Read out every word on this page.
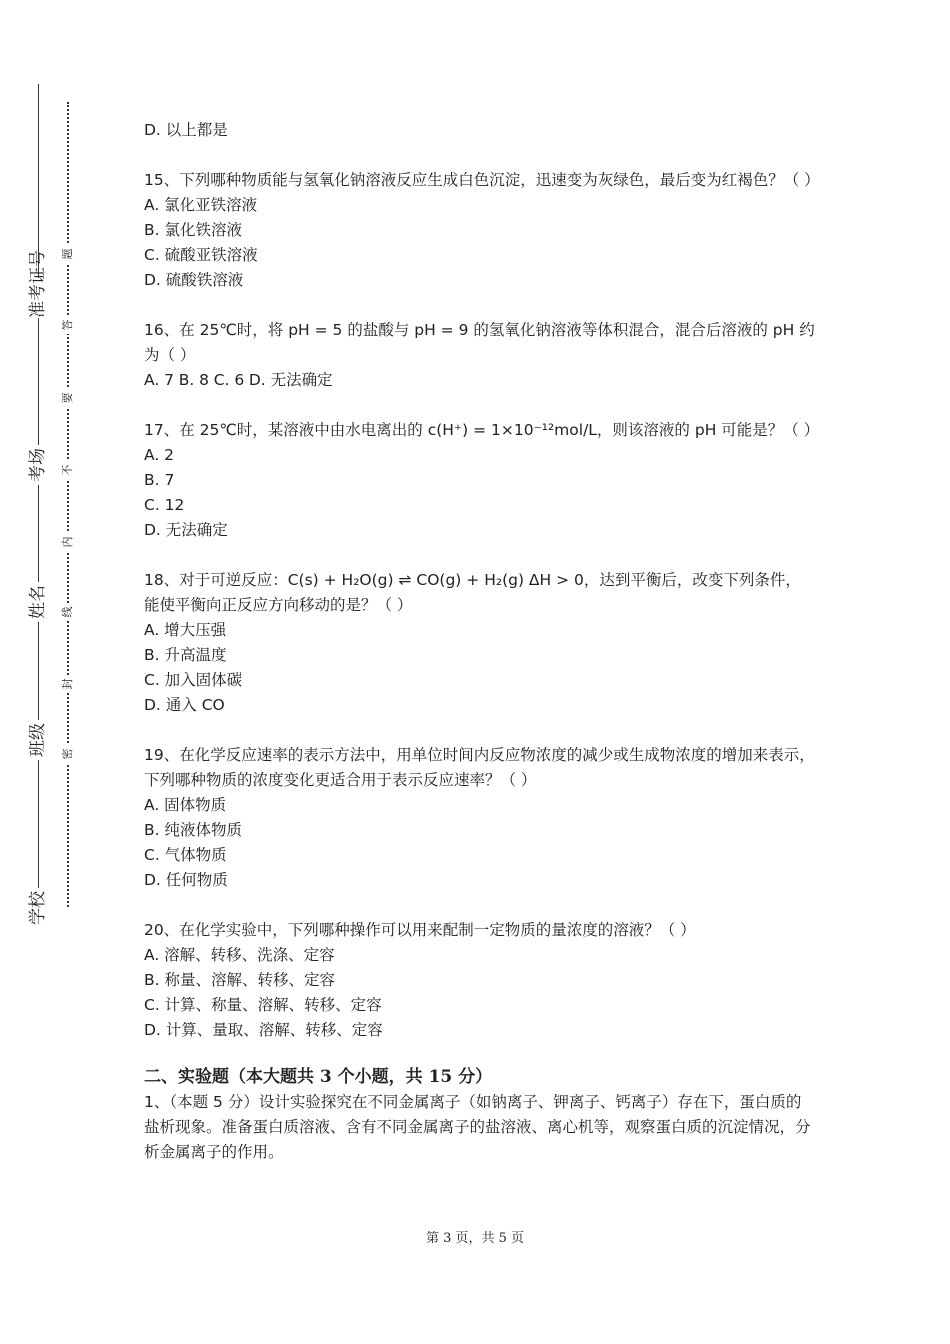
准考证号
考场
姓名
班级
学校
题
答
要
不
内
线
封
密

D. 以上都是

15、下列哪种物质能与氢氧化钠溶液反应生成白色沉淀，迅速变为灰绿色，最后变为红褐色？（ ）

A. 氯化亚铁溶液

B. 氯化铁溶液

C. 硫酸亚铁溶液

D. 硫酸铁溶液

16、在 25℃时，将 pH = 5 的盐酸与 pH = 9 的氢氧化钠溶液等体积混合，混合后溶液的 pH 约为（ ）

A. 7 B. 8 C. 6 D. 无法确定

17、在 25℃时，某溶液中由水电离出的 c(H⁺) = 1×10⁻¹²mol/L，则该溶液的 pH 可能是？（ ）

A. 2

B. 7

C. 12

D. 无法确定

18、对于可逆反应：C(s) + H₂O(g) ⇌ CO(g) + H₂(g) ΔH > 0，达到平衡后，改变下列条件，能使平衡向正反应方向移动的是？（ ）

A. 增大压强

B. 升高温度

C. 加入固体碳

D. 通入 CO

19、在化学反应速率的表示方法中，用单位时间内反应物浓度的减少或生成物浓度的增加来表示，下列哪种物质的浓度变化更适合用于表示反应速率？（ ）

A. 固体物质

B. 纯液体物质

C. 气体物质

D. 任何物质

20、在化学实验中，下列哪种操作可以用来配制一定物质的量浓度的溶液？（ ）

A. 溶解、转移、洗涤、定容

B. 称量、溶解、转移、定容

C. 计算、称量、溶解、转移、定容

D. 计算、量取、溶解、转移、定容

二、实验题（本大题共 3 个小题，共 15 分）

1、（本题 5 分）设计实验探究在不同金属离子（如钠离子、钾离子、钙离子）存在下，蛋白质的盐析现象。准备蛋白质溶液、含有不同金属离子的盐溶液、离心机等，观察蛋白质的沉淀情况，分析金属离子的作用。

第 3 页，共 5 页
